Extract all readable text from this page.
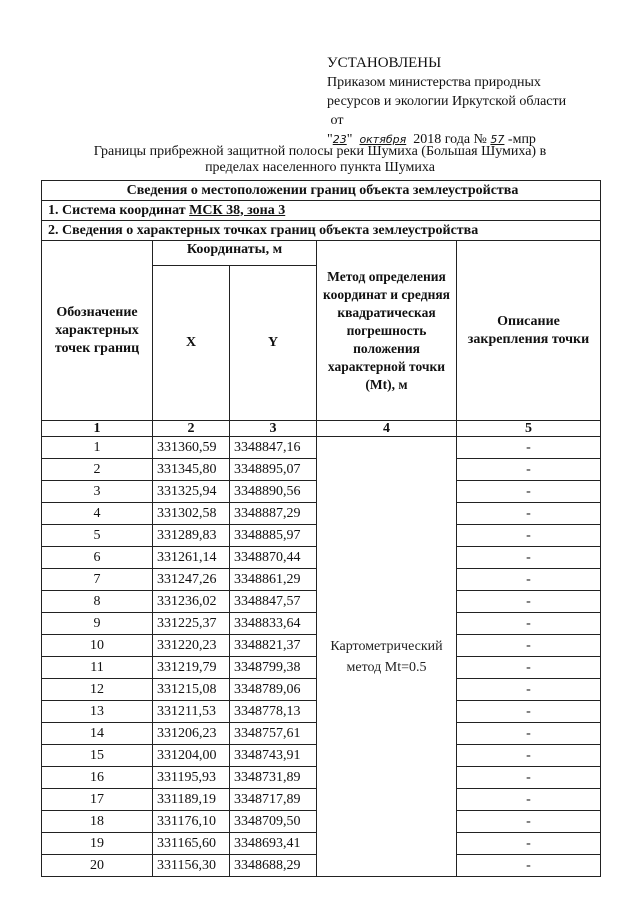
УСТАНОВЛЕНЫ
Приказом министерства природных
ресурсов и экологии Иркутской области
от
"23"  октября 2018 года № 57 -мпр
Границы прибрежной защитной полосы реки Шумиха (Большая Шумиха) в
пределах населенного пункта Шумиха
Сведения о местоположении границ объекта землеустройства				
1. Система координат МСК 38, зона 3				
2. Сведения о характерных точках границ объекта землеустройства				
Обозначение характерных точек границ	Координаты, м		Метод определения координат и средняя квадратическая погрешность положения характерной точки (Mt), м	Описание закрепления точки
	X	Y		
1	2	3	4	5
1	331360,59	3348847,16	Картометрический метод Mt=0.5	-
2	331345,80	3348895,07		-
3	331325,94	3348890,56		-
4	331302,58	3348887,29		-
5	331289,83	3348885,97		-
6	331261,14	3348870,44		-
7	331247,26	3348861,29		-
8	331236,02	3348847,57		-
9	331225,37	3348833,64		-
10	331220,23	3348821,37		-
11	331219,79	3348799,38		-
12	331215,08	3348789,06		-
13	331211,53	3348778,13		-
14	331206,23	3348757,61		-
15	331204,00	3348743,91		-
16	331195,93	3348731,89		-
17	331189,19	3348717,89		-
18	331176,10	3348709,50		-
19	331165,60	3348693,41		-
20	331156,30	3348688,29		-
